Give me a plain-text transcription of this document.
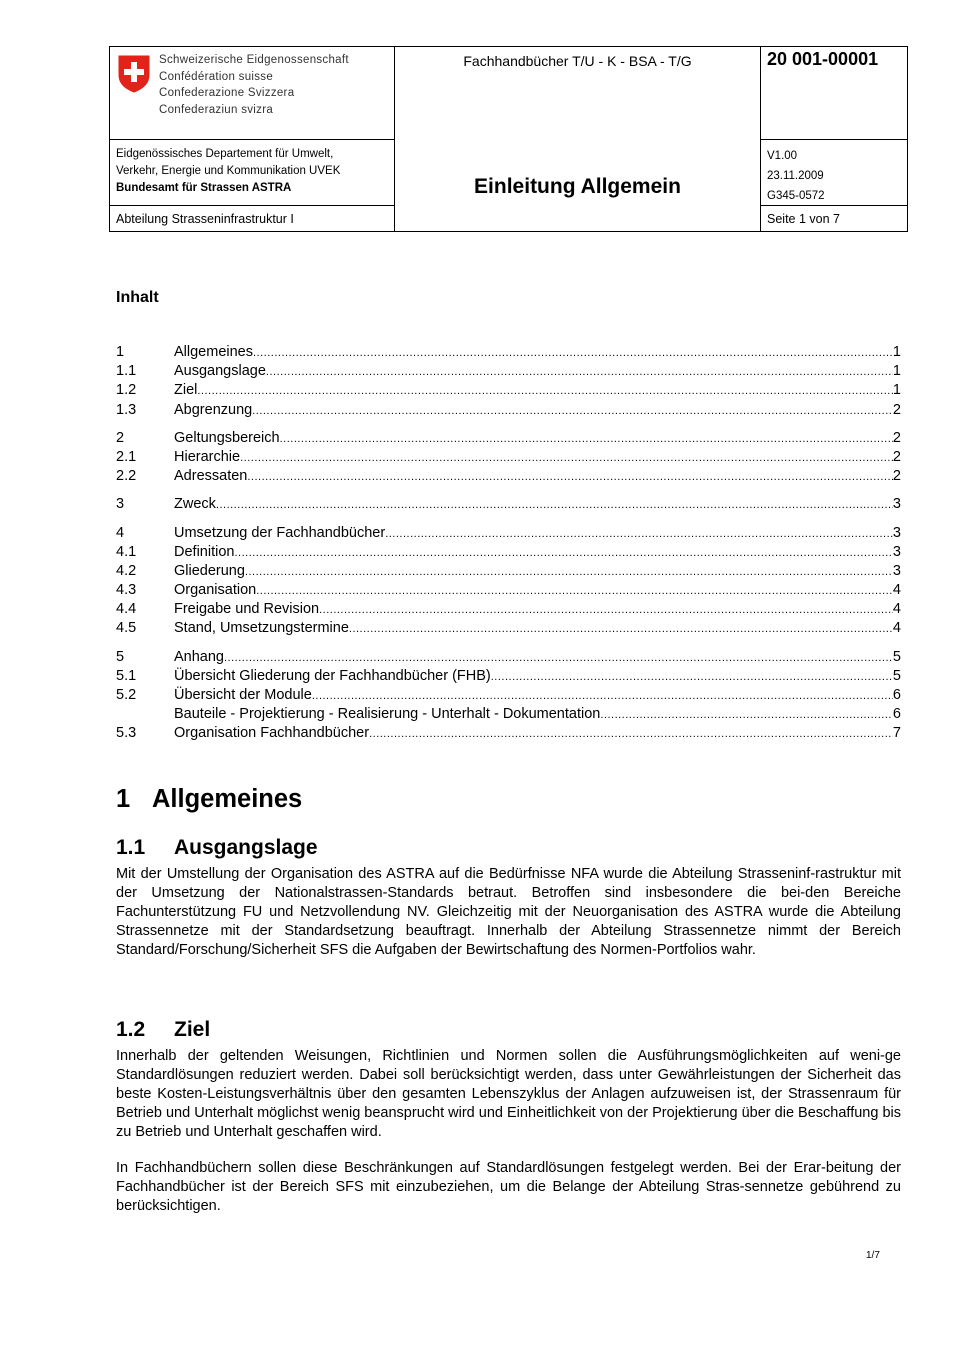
Schweizerische Eidgenossenschaft
Confédération suisse
Confederazione Svizzera
Confederaziun svizra
Fachhandbücher T/U - K - BSA - T/G	20 001-00001
Eidgenössisches Departement für Umwelt,
Verkehr, Energie und Kommunikation UVEK
Bundesamt für Strassen ASTRA	Einleitung Allgemein
V1.00
23.11.2009
G345-0572
Abteilung Strasseninfrastruktur I	Seite 1 von 7
Inhalt
1	Allgemeines .....	1
1.1	Ausgangslage .....	1
1.2	Ziel .....	1
1.3	Abgrenzung .....	2
2	Geltungsbereich .....	2
2.1	Hierarchie .....	2
2.2	Adressaten .....	2
3	Zweck .....	3
4	Umsetzung der Fachhandbücher .....	3
4.1	Definition .....	3
4.2	Gliederung .....	3
4.3	Organisation .....	4
4.4	Freigabe und Revision .....	4
4.5	Stand, Umsetzungstermine .....	4
5	Anhang .....	5
5.1	Übersicht Gliederung der Fachhandbücher (FHB) .....	5
5.2	Übersicht der Module .....	6
Bauteile - Projektierung - Realisierung - Unterhalt - Dokumentation .....	6
5.3	Organisation Fachhandbücher .....	7
1 Allgemeines
1.1 Ausgangslage
Mit der Umstellung der Organisation des ASTRA auf die Bedürfnisse NFA wurde die Abteilung Strasseninf-rastruktur mit der Umsetzung der Nationalstrassen-Standards betraut. Betroffen sind insbesondere die bei-den Bereiche Fachunterstützung FU und Netzvollendung NV. Gleichzeitig mit der Neuorganisation des ASTRA wurde die Abteilung Strassennetze mit der Standardsetzung beauftragt. Innerhalb der Abteilung Strassennetze nimmt der Bereich Standard/Forschung/Sicherheit SFS die Aufgaben der Bewirtschaftung des Normen-Portfolios wahr.
1.2 Ziel
Innerhalb der geltenden Weisungen, Richtlinien und Normen sollen die Ausführungsmöglichkeiten auf weni-ge Standardlösungen reduziert werden. Dabei soll berücksichtigt werden, dass unter Gewährleistungen der Sicherheit das beste Kosten-Leistungsverhältnis über den gesamten Lebenszyklus der Anlagen aufzuweisen ist, der Strassenraum für Betrieb und Unterhalt möglichst wenig beansprucht wird und Einheitlichkeit von der Projektierung über die Beschaffung bis zu Betrieb und Unterhalt geschaffen wird.
In Fachhandbüchern sollen diese Beschränkungen auf Standardlösungen festgelegt werden. Bei der Erar-beitung der Fachhandbücher ist der Bereich SFS mit einzubeziehen, um die Belange der Abteilung Stras-sennetze gebührend zu berücksichtigen.
1/7
